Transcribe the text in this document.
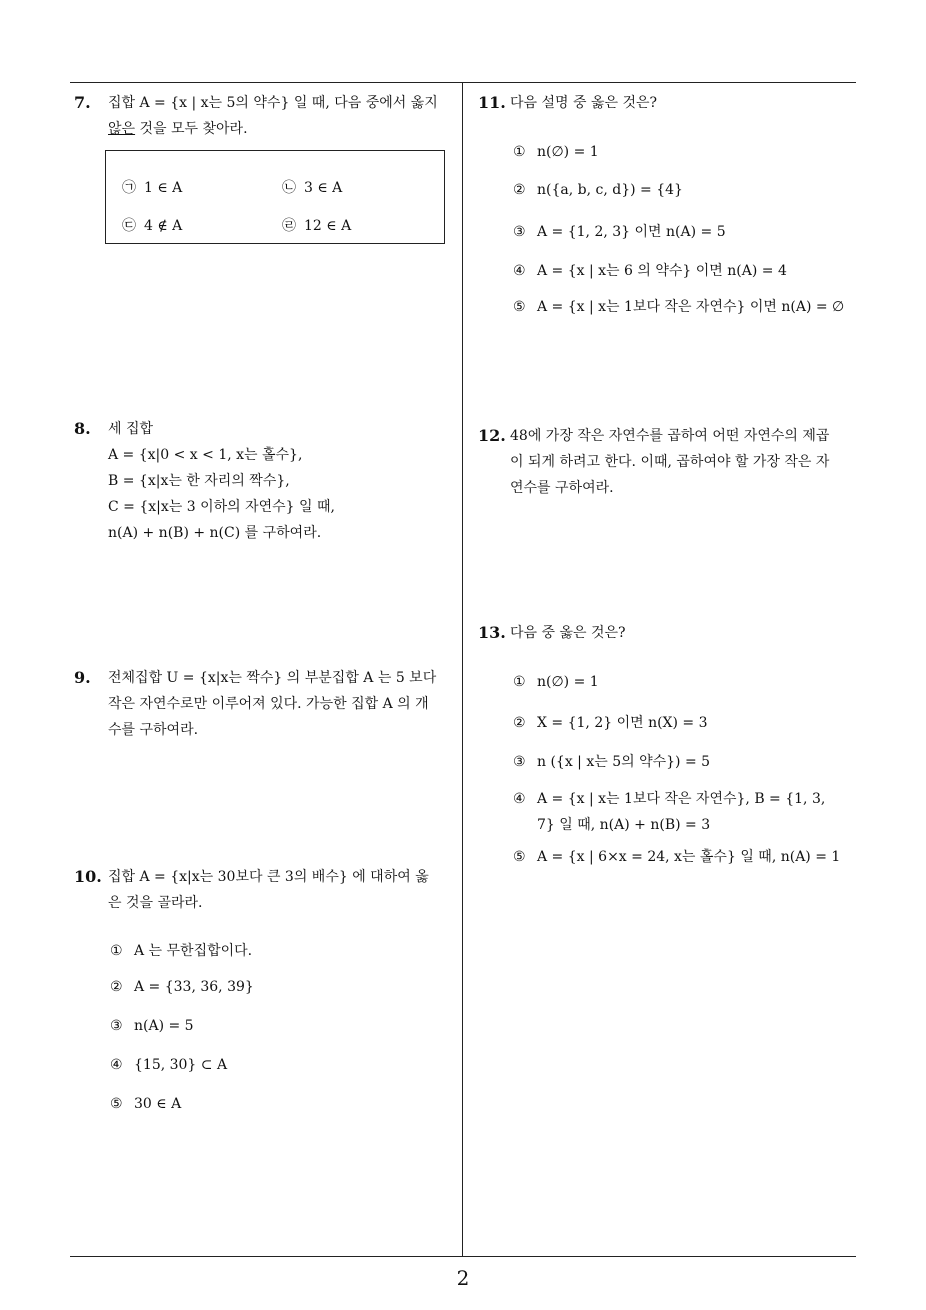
7.	집합 A = {x | x는 5의 약수} 일 때, 다음 중에서 옳지
않은 것을 모두 찾아라.
㉠ 1 ∈ A	㉡ 3 ∈ A
㉢ 4 ∉ A	㉣ 12 ∈ A
8. 세 집합
A = {x|0 < x < 1, x는 홀수},
B = {x|x는 한 자리의 짝수},
C = {x|x는 3 이하의 자연수} 일 때,
n(A) + n(B) + n(C) 를 구하여라.
9. 전체집합 U = {x|x는 짝수} 의 부분집합 A 는 5 보다
작은 자연수로만 이루어져 있다. 가능한 집합 A 의 개
수를 구하여라.
10. 집합 A = {x|x는 30보다 큰 3의 배수} 에 대하여 옳
은 것을 골라라.
① A 는 무한집합이다.
② A = {33, 36, 39}
③ n(A) = 5
④ {15, 30} ⊂ A
⑤ 30 ∈ A
11. 다음 설명 중 옳은 것은?
① n(∅) = 1
② n({a, b, c, d}) = {4}
③ A = {1, 2, 3} 이면 n(A) = 5
④ A = {x | x는 6 의 약수} 이면 n(A) = 4
⑤ A = {x | x는 1보다 작은 자연수} 이면 n(A) = ∅
12. 48에 가장 작은 자연수를 곱하여 어떤 자연수의 제곱
이 되게 하려고 한다. 이때, 곱하여야 할 가장 작은 자
연수를 구하여라.
13. 다음 중 옳은 것은?
① n(∅) = 1
② X = {1, 2} 이면 n(X) = 3
③ n ({x | x는 5의 약수}) = 5
④ A = {x | x는 1보다 작은 자연수}, B = {1, 3, 7} 일 때, n(A) + n(B) = 3
⑤ A = {x | 6×x = 24, x는 홀수} 일 때, n(A) = 1
2
